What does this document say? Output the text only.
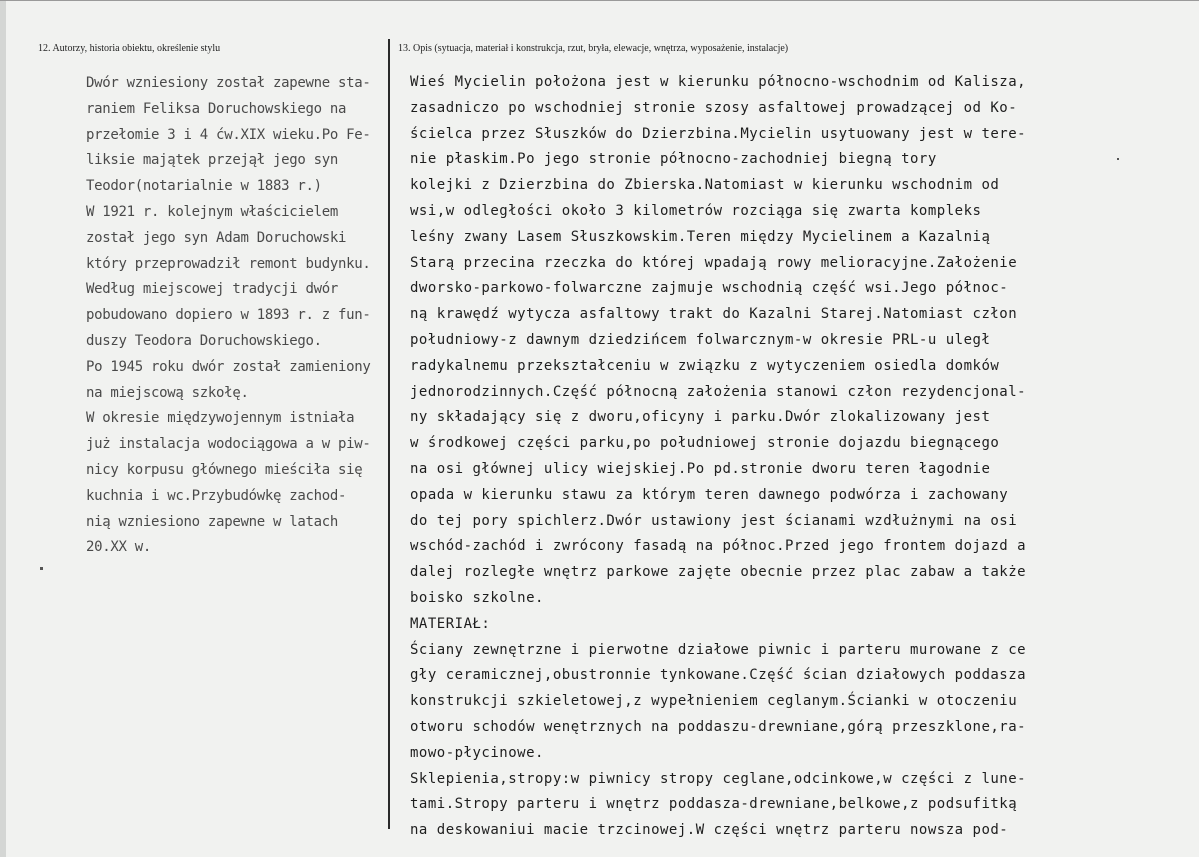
12. Autorzy, historia obiektu, określenie stylu	13. Opis (sytuacja, materiał i konstrukcja, rzut, bryła, elewacje, wnętrza, wyposażenie, instalacje)
Dwór wzniesiony został zapewne sta-
raniem Feliksa Doruchowskiego na
przełomie 3 i 4 ćw.XIX wieku.Po Fe-
liksie majątek przejął jego syn
Teodor(notarialnie w 1883 r.)
W 1921 r. kolejnym właścicielem
został jego syn Adam Doruchowski
który przeprowadził remont budynku.
Według miejscowej tradycji dwór
pobudowano dopiero w 1893 r. z fun-
duszy Teodora Doruchowskiego.
Po 1945 roku dwór został zamieniony
na miejscową szkołę.
W okresie międzywojennym istniała
już instalacja wodociągowa a w piw-
nicy korpusu głównego mieściła się
kuchnia i wc.Przybudówkę zachod-
nią wzniesiono zapewne w latach
20.XX w.
Wieś Mycielin położona jest w kierunku północno-wschodnim od Kalisza,
zasadniczo po wschodniej stronie szosy asfaltowej prowadzącej od Ko-
ścielca przez Słuszków do Dzierzbina.Mycielin usytuowany jest w tere-
nie płaskim.Po jego stronie północno-zachodniej biegną tory
kolejki z Dzierzbina do Zbierska.Natomiast w kierunku wschodnim od
wsi,w odległości około 3 kilometrów rozciąga się zwarta kompleks
leśny zwany Lasem Słuszkowskim.Teren między Mycielinem a Kazalnią
Starą przecina rzeczka do której wpadają rowy melioracyjne.Założenie
dworsko-parkowo-folwarczne zajmuje wschodnią część wsi.Jego północ-
ną krawędź wytycza asfaltowy trakt do Kazalni Starej.Natomiast człon
południowy-z dawnym dziedzińcem folwarcznym-w okresie PRL-u uległ
radykalnemu przekształceniu w związku z wytyczeniem osiedla domków
jednorodzinnych.Część północną założenia stanowi człon rezydencjonal-
ny składający się z dworu,oficyny i parku.Dwór zlokalizowany jest
w środkowej części parku,po południowej stronie dojazdu biegnącego
na osi głównej ulicy wiejskiej.Po pd.stronie dworu teren łagodnie
opada w kierunku stawu za którym teren dawnego podwórza i zachowany
do tej pory spichlerz.Dwór ustawiony jest ścianami wzdłużnymi na osi
wschód-zachód i zwrócony fasadą na północ.Przed jego frontem dojazd a
dalej rozległe wnętrz parkowe zajęte obecnie przez plac zabaw a także
boisko szkolne.
MATERIAŁ:
Ściany zewnętrzne i pierwotne działowe piwnic i parteru murowane z ce
gły ceramicznej,obustronnie tynkowane.Część ścian działowych poddasza
konstrukcji szkieletowej,z wypełnieniem ceglanym.Ścianki w otoczeniu
otworu schodów wenętrznych na poddaszu-drewniane,górą przeszklone,ra-
mowo-płycinowe.
Sklepienia,stropy:w piwnicy stropy ceglane,odcinkowe,w części z lune-
tami.Stropy parteru i wnętrz poddasza-drewniane,belkowe,z podsufitką
na deskowaniui macie trzcinowej.W części wnętrz parteru nowsza pod-
